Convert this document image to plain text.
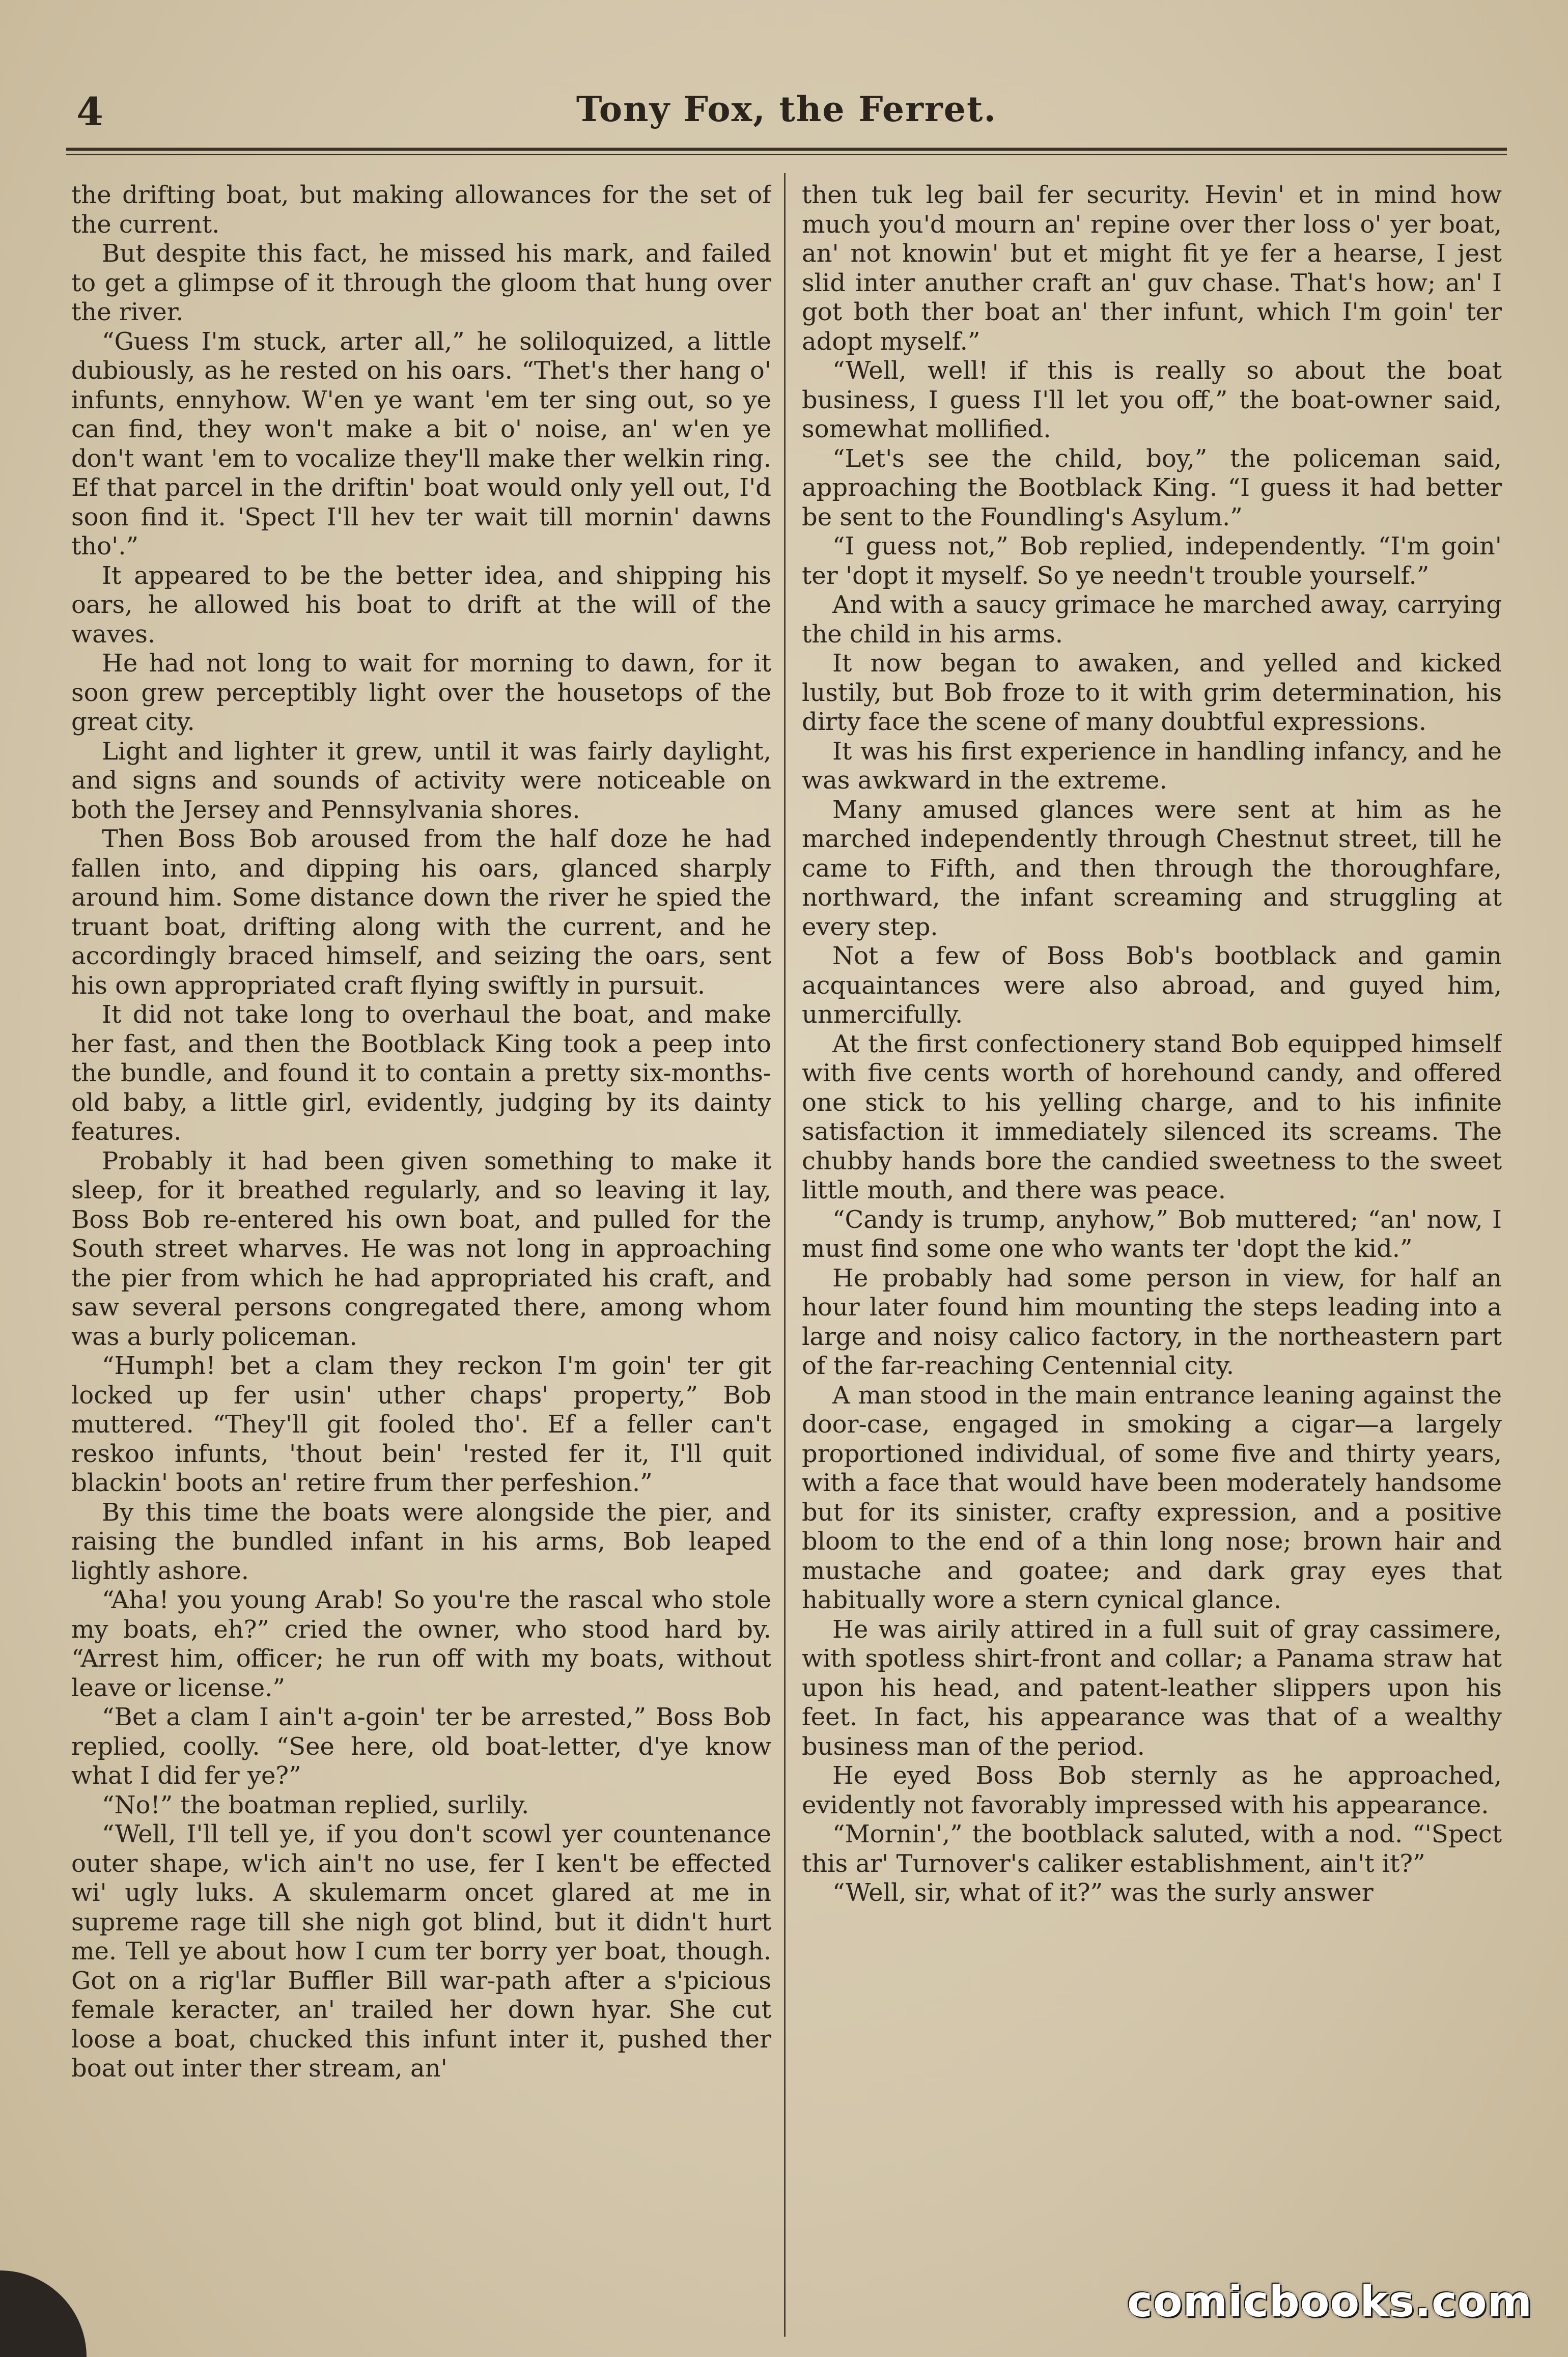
4	Tony Fox, the Ferret.

the drifting boat, but making allowances for the set of the current.

But despite this fact, he missed his mark, and failed to get a glimpse of it through the gloom that hung over the river.

“Guess I'm stuck, arter all,” he soliloquized, a little dubiously, as he rested on his oars. “Thet's ther hang o' infunts, ennyhow. W'en ye want 'em ter sing out, so ye can find, they won't make a bit o' noise, an' w'en ye don't want 'em to vocalize they'll make ther welkin ring. Ef that parcel in the driftin' boat would only yell out, I'd soon find it. 'Spect I'll hev ter wait till mornin' dawns tho'.”

It appeared to be the better idea, and shipping his oars, he allowed his boat to drift at the will of the waves.

He had not long to wait for morning to dawn, for it soon grew perceptibly light over the housetops of the great city.

Light and lighter it grew, until it was fairly daylight, and signs and sounds of activity were noticeable on both the Jersey and Pennsylvania shores.

Then Boss Bob aroused from the half doze he had fallen into, and dipping his oars, glanced sharply around him. Some distance down the river he spied the truant boat, drifting along with the current, and he accordingly braced himself, and seizing the oars, sent his own appropriated craft flying swiftly in pursuit.

It did not take long to overhaul the boat, and make her fast, and then the Bootblack King took a peep into the bundle, and found it to contain a pretty six-months-old baby, a little girl, evidently, judging by its dainty features.

Probably it had been given something to make it sleep, for it breathed regularly, and so leaving it lay, Boss Bob re-entered his own boat, and pulled for the South street wharves. He was not long in approaching the pier from which he had appropriated his craft, and saw several persons congregated there, among whom was a burly policeman.

“Humph! bet a clam they reckon I'm goin' ter git locked up fer usin' uther chaps' property,” Bob muttered. “They'll git fooled tho'. Ef a feller can't reskoo infunts, 'thout bein' 'rested fer it, I'll quit blackin' boots an' retire frum ther perfeshion.”

By this time the boats were alongside the pier, and raising the bundled infant in his arms, Bob leaped lightly ashore.

“Aha! you young Arab! So you're the rascal who stole my boats, eh?” cried the owner, who stood hard by. “Arrest him, officer; he run off with my boats, without leave or license.”

“Bet a clam I ain't a-goin' ter be arrested,” Boss Bob replied, coolly. “See here, old boat-letter, d'ye know what I did fer ye?”

“No!” the boatman replied, surlily.

“Well, I'll tell ye, if you don't scowl yer countenance outer shape, w'ich ain't no use, fer I ken't be effected wi' ugly luks. A skulemarm oncet glared at me in supreme rage till she nigh got blind, but it didn't hurt me. Tell ye about how I cum ter borry yer boat, though. Got on a rig'lar Buffler Bill war-path after a s'picious female keracter, an' trailed her down hyar. She cut loose a boat, chucked this infunt inter it, pushed ther boat out inter ther stream, an'

then tuk leg bail fer security. Hevin' et in mind how much you'd mourn an' repine over ther loss o' yer boat, an' not knowin' but et might fit ye fer a hearse, I jest slid inter anuther craft an' guv chase. That's how; an' I got both ther boat an' ther infunt, which I'm goin' ter adopt myself.”

“Well, well! if this is really so about the boat business, I guess I'll let you off,” the boat-owner said, somewhat mollified.

“Let's see the child, boy,” the policeman said, approaching the Bootblack King. “I guess it had better be sent to the Foundling's Asylum.”

“I guess not,” Bob replied, independently. “I'm goin' ter 'dopt it myself. So ye needn't trouble yourself.”

And with a saucy grimace he marched away, carrying the child in his arms.

It now began to awaken, and yelled and kicked lustily, but Bob froze to it with grim determination, his dirty face the scene of many doubtful expressions.

It was his first experience in handling infancy, and he was awkward in the extreme.

Many amused glances were sent at him as he marched independently through Chestnut street, till he came to Fifth, and then through the thoroughfare, northward, the infant screaming and struggling at every step.

Not a few of Boss Bob's bootblack and gamin acquaintances were also abroad, and guyed him, unmercifully.

At the first confectionery stand Bob equipped himself with five cents worth of horehound candy, and offered one stick to his yelling charge, and to his infinite satisfaction it immediately silenced its screams. The chubby hands bore the candied sweetness to the sweet little mouth, and there was peace.

“Candy is trump, anyhow,” Bob muttered; “an' now, I must find some one who wants ter 'dopt the kid.”

He probably had some person in view, for half an hour later found him mounting the steps leading into a large and noisy calico factory, in the northeastern part of the far-reaching Centennial city.

A man stood in the main entrance leaning against the door-case, engaged in smoking a cigar—a largely proportioned individual, of some five and thirty years, with a face that would have been moderately handsome but for its sinister, crafty expression, and a positive bloom to the end of a thin long nose; brown hair and mustache and goatee; and dark gray eyes that habitually wore a stern cynical glance.

He was airily attired in a full suit of gray cassimere, with spotless shirt-front and collar; a Panama straw hat upon his head, and patent-leather slippers upon his feet. In fact, his appearance was that of a wealthy business man of the period.

He eyed Boss Bob sternly as he approached, evidently not favorably impressed with his appearance.

“Mornin',” the bootblack saluted, with a nod. “'Spect this ar' Turnover's caliker establishment, ain't it?”

“Well, sir, what of it?” was the surly answer

comicbooks.com
